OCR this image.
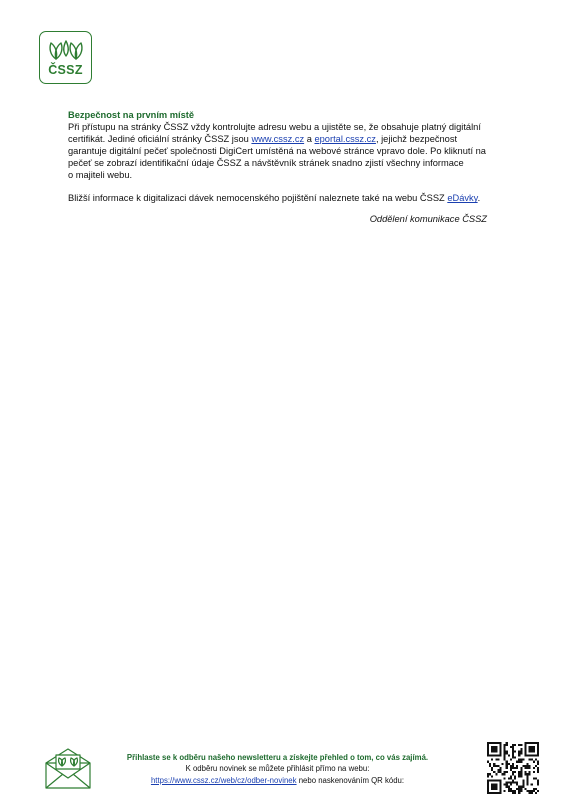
ČSSZ
Bezpečnost na prvním místě
Při přístupu na stránky ČSSZ vždy kontrolujte adresu webu a ujistěte se, že obsahuje platný digitální
certifikát. Jediné oficiální stránky ČSSZ jsou www.cssz.cz a eportal.cssz.cz, jejichž bezpečnost
garantuje digitální pečeť společnosti DigiCert umístěná na webové stránce vpravo dole. Po kliknutí na
pečeť se zobrazí identifikační údaje ČSSZ a návštěvník stránek snadno zjistí všechny informace
o majiteli webu.
Bližší informace k digitalizaci dávek nemocenského pojištění naleznete také na webu ČSSZ eDávky.
Oddělení komunikace ČSSZ
Přihlaste se k odběru našeho newsletteru a získejte přehled o tom, co vás zajímá.
K odběru novinek se můžete přihlásit přímo na webu:
https://www.cssz.cz/web/cz/odber-novinek nebo naskenováním QR kódu:
